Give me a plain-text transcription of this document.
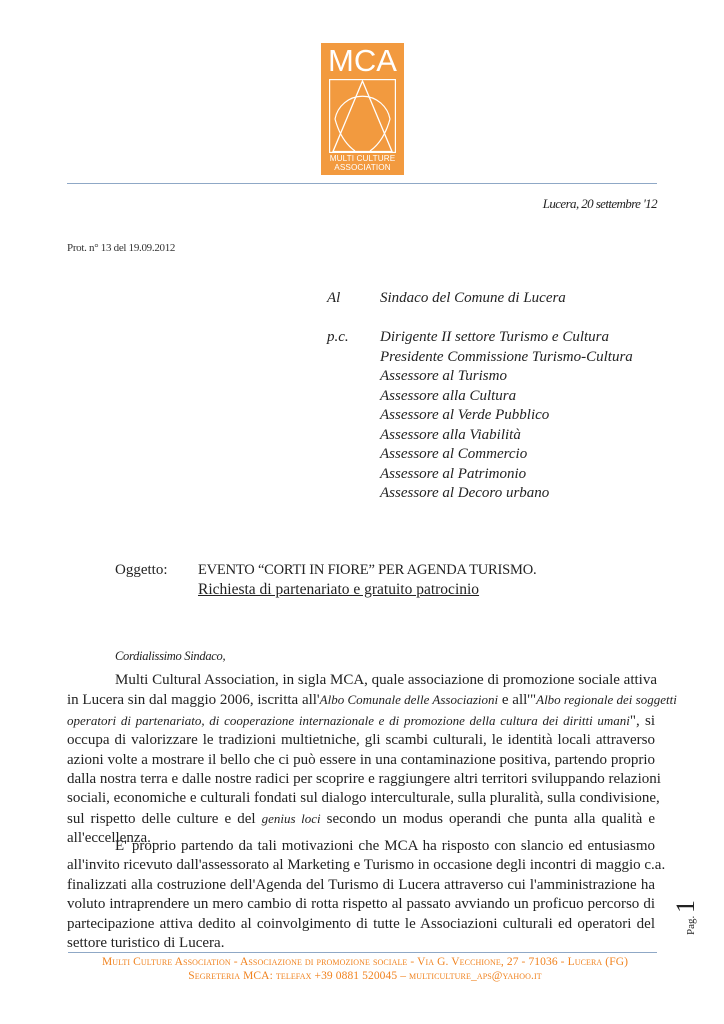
MCA
MULTI CULTURE
ASSOCIATION
Lucera, 20 settembre '12
Prot. n° 13 del 19.09.2012
Al	Sindaco del Comune di Lucera
p.c. Dirigente II settore Turismo e Cultura
Presidente Commissione Turismo-Cultura
Assessore al Turismo
Assessore alla Cultura
Assessore al Verde Pubblico
Assessore alla Viabilità
Assessore al Commercio
Assessore al Patrimonio
Assessore al Decoro urbano
Oggetto: EVENTO “CORTI IN FIORE” PER AGENDA TURISMO.
Richiesta di partenariato e gratuito patrocinio
Cordialissimo Sindaco,
Multi Cultural Association, in sigla MCA, quale associazione di promozione sociale attiva
in Lucera sin dal maggio 2006, iscritta all'Albo Comunale delle Associazioni e all'"Albo regionale dei soggetti
operatori di partenariato, di cooperazione internazionale e di promozione della cultura dei diritti umani", si
occupa di valorizzare le tradizioni multietniche, gli scambi culturali, le identità locali attraverso
azioni volte a mostrare il bello che ci può essere in una contaminazione positiva, partendo proprio
dalla nostra terra e dalle nostre radici per scoprire e raggiungere altri territori sviluppando relazioni
sociali, economiche e culturali fondati sul dialogo interculturale, sulla pluralità, sulla condivisione,
sul rispetto delle culture e del genius loci secondo un modus operandi che punta alla qualità e
all'eccellenza.
E' proprio partendo da tali motivazioni che MCA ha risposto con slancio ed entusiasmo
all'invito ricevuto dall'assessorato al Marketing e Turismo in occasione degli incontri di maggio c.a.
finalizzati alla costruzione dell'Agenda del Turismo di Lucera attraverso cui l'amministrazione ha
voluto intraprendere un mero cambio di rotta rispetto al passato avviando un proficuo percorso di
partecipazione attiva dedito al coinvolgimento di tutte le Associazioni culturali ed operatori del
settore turistico di Lucera.
Pag. 1
Multi Culture Association - Associazione di promozione sociale - Via G. Vecchione, 27 - 71036 - Lucera (FG)
Segreteria MCA: telefax +39 0881 520045 – multiculture_aps@yahoo.it
